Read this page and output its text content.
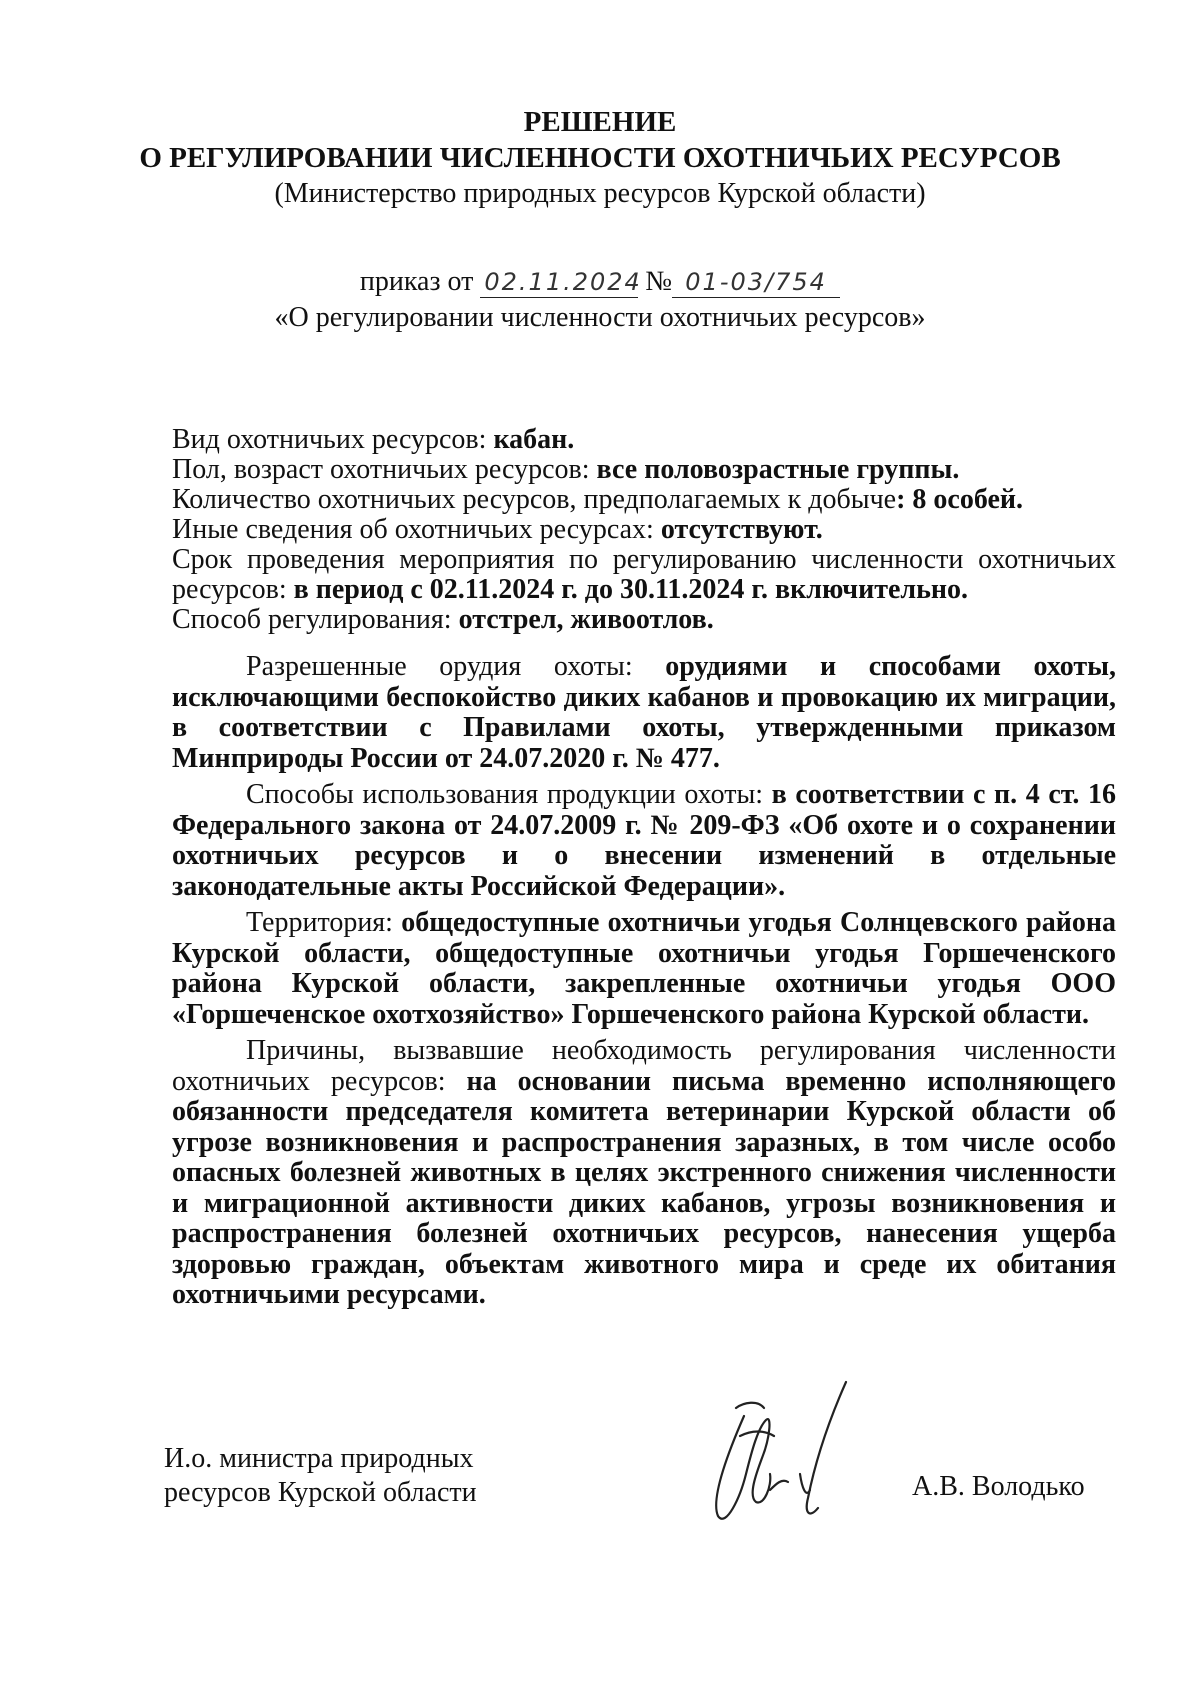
РЕШЕНИЕ
О РЕГУЛИРОВАНИИ ЧИСЛЕННОСТИ ОХОТНИЧЬИХ РЕСУРСОВ
(Министерство природных ресурсов Курской области)
приказ от 02.11.2024 № 01-03/754
«О регулировании численности охотничьих ресурсов»
Вид охотничьих ресурсов: кабан.
Пол, возраст охотничьих ресурсов: все половозрастные группы.
Количество охотничьих ресурсов, предполагаемых к добыче: 8 особей.
Иные сведения об охотничьих ресурсах: отсутствуют.
Срок проведения мероприятия по регулированию численности охотничьих
ресурсов: в период с 02.11.2024 г. до 30.11.2024 г. включительно.
Способ регулирования: отстрел, живоотлов.

Разрешенные орудия охоты: орудиями и способами охоты, исключающими беспокойство диких кабанов и провокацию их миграции, в соответствии с Правилами охоты, утвержденными приказом Минприроды России от 24.07.2020 г. № 477.

Способы использования продукции охоты: в соответствии с п. 4 ст. 16 Федерального закона от 24.07.2009 г. № 209-ФЗ «Об охоте и о сохранении охотничьих ресурсов и о внесении изменений в отдельные законодательные акты Российской Федерации».

Территория: общедоступные охотничьи угодья Солнцевского района Курской области, общедоступные охотничьи угодья Горшеченского района Курской области, закрепленные охотничьи угодья ООО «Горшеченское охотхозяйство» Горшеченского района Курской области.

Причины, вызвавшие необходимость регулирования численности охотничьих ресурсов: на основании письма временно исполняющего обязанности председателя комитета ветеринарии Курской области об угрозе возникновения и распространения заразных, в том числе особо опасных болезней животных в целях экстренного снижения численности и миграционной активности диких кабанов, угрозы возникновения и распространения болезней охотничьих ресурсов, нанесения ущерба здоровью граждан, объектам животного мира и среде их обитания охотничьими ресурсами.

И.о. министра природных
ресурсов Курской области	А.В. Володько
